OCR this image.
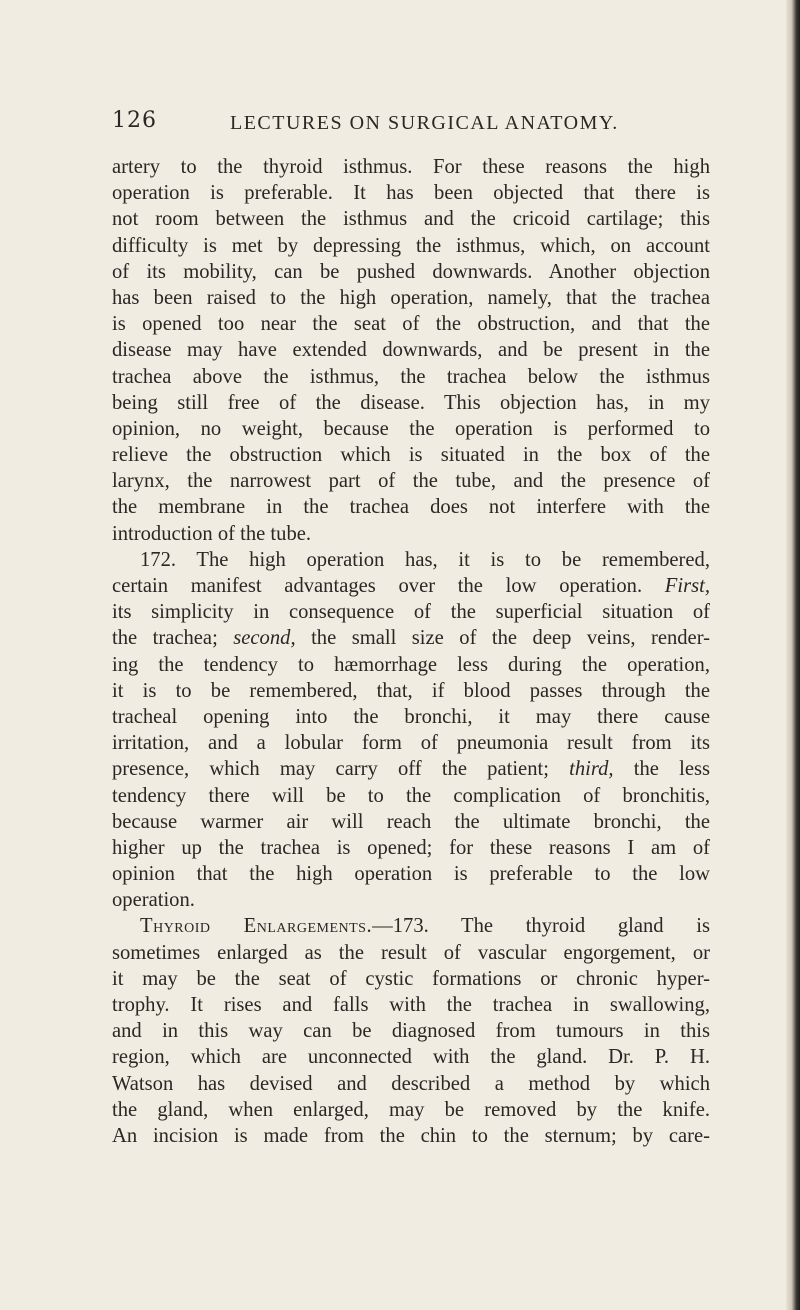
126	LECTURES ON SURGICAL ANATOMY.
artery to the thyroid isthmus. For these reasons the high
operation is preferable. It has been objected that there is
not room between the isthmus and the cricoid cartilage; this
difficulty is met by depressing the isthmus, which, on account
of its mobility, can be pushed downwards. Another objection
has been raised to the high operation, namely, that the trachea
is opened too near the seat of the obstruction, and that the
disease may have extended downwards, and be present in the
trachea above the isthmus, the trachea below the isthmus
being still free of the disease. This objection has, in my
opinion, no weight, because the operation is performed to
relieve the obstruction which is situated in the box of the
larynx, the narrowest part of the tube, and the presence of
the membrane in the trachea does not interfere with the
introduction of the tube.
172. The high operation has, it is to be remembered,
certain manifest advantages over the low operation. First,
its simplicity in consequence of the superficial situation of
the trachea; second, the small size of the deep veins, render-
ing the tendency to hæmorrhage less during the operation,
it is to be remembered, that, if blood passes through the
tracheal opening into the bronchi, it may there cause
irritation, and a lobular form of pneumonia result from its
presence, which may carry off the patient; third, the less
tendency there will be to the complication of bronchitis,
because warmer air will reach the ultimate bronchi, the
higher up the trachea is opened; for these reasons I am of
opinion that the high operation is preferable to the low
operation.
Thyroid Enlargements.—173. The thyroid gland is
sometimes enlarged as the result of vascular engorgement, or
it may be the seat of cystic formations or chronic hyper-
trophy. It rises and falls with the trachea in swallowing,
and in this way can be diagnosed from tumours in this
region, which are unconnected with the gland. Dr. P. H.
Watson has devised and described a method by which
the gland, when enlarged, may be removed by the knife.
An incision is made from the chin to the sternum; by care-
